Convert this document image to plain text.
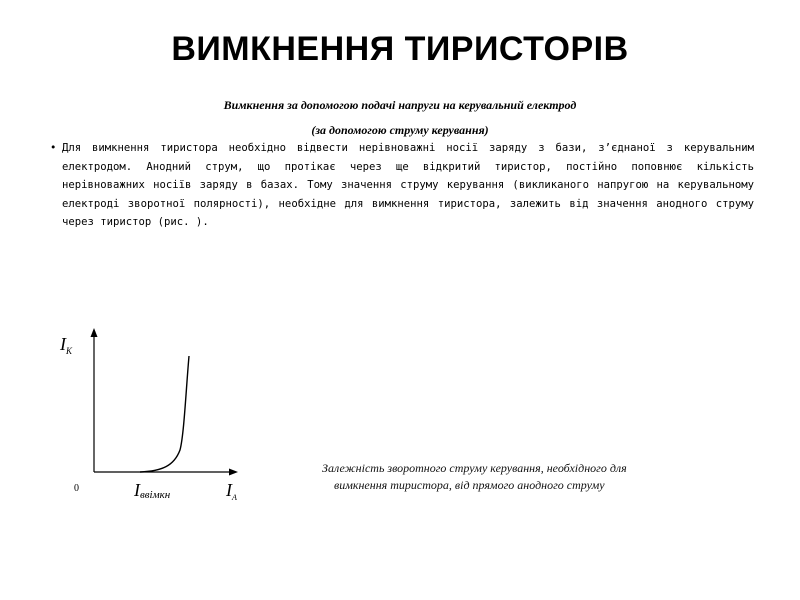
ВИМКНЕННЯ ТИРИСТОРІВ
Вимкнення за допомогою подачі напруги на керувальний електрод
(за допомогою струму керування)
• Для вимкнення тиристора необхідно відвести нерівноважні носії заряду з бази, з’єднаної з керувальним електродом. Анодний струм, що протікає через ще відкритий тиристор, постійно поповнює кількість нерівноважних носіїв заряду в базах. Тому значення струму керування (викликаного напругою на керувальному електроді зворотної полярності), необхідне для вимкнення тиристора, залежить від значення анодного струму через тиристор (рис. ).

$I_K$
0	Iввімкн	$I_A$
Залежність зворотного струму керування, необхідного для
вимкнення тиристора, від прямого анодного струму
